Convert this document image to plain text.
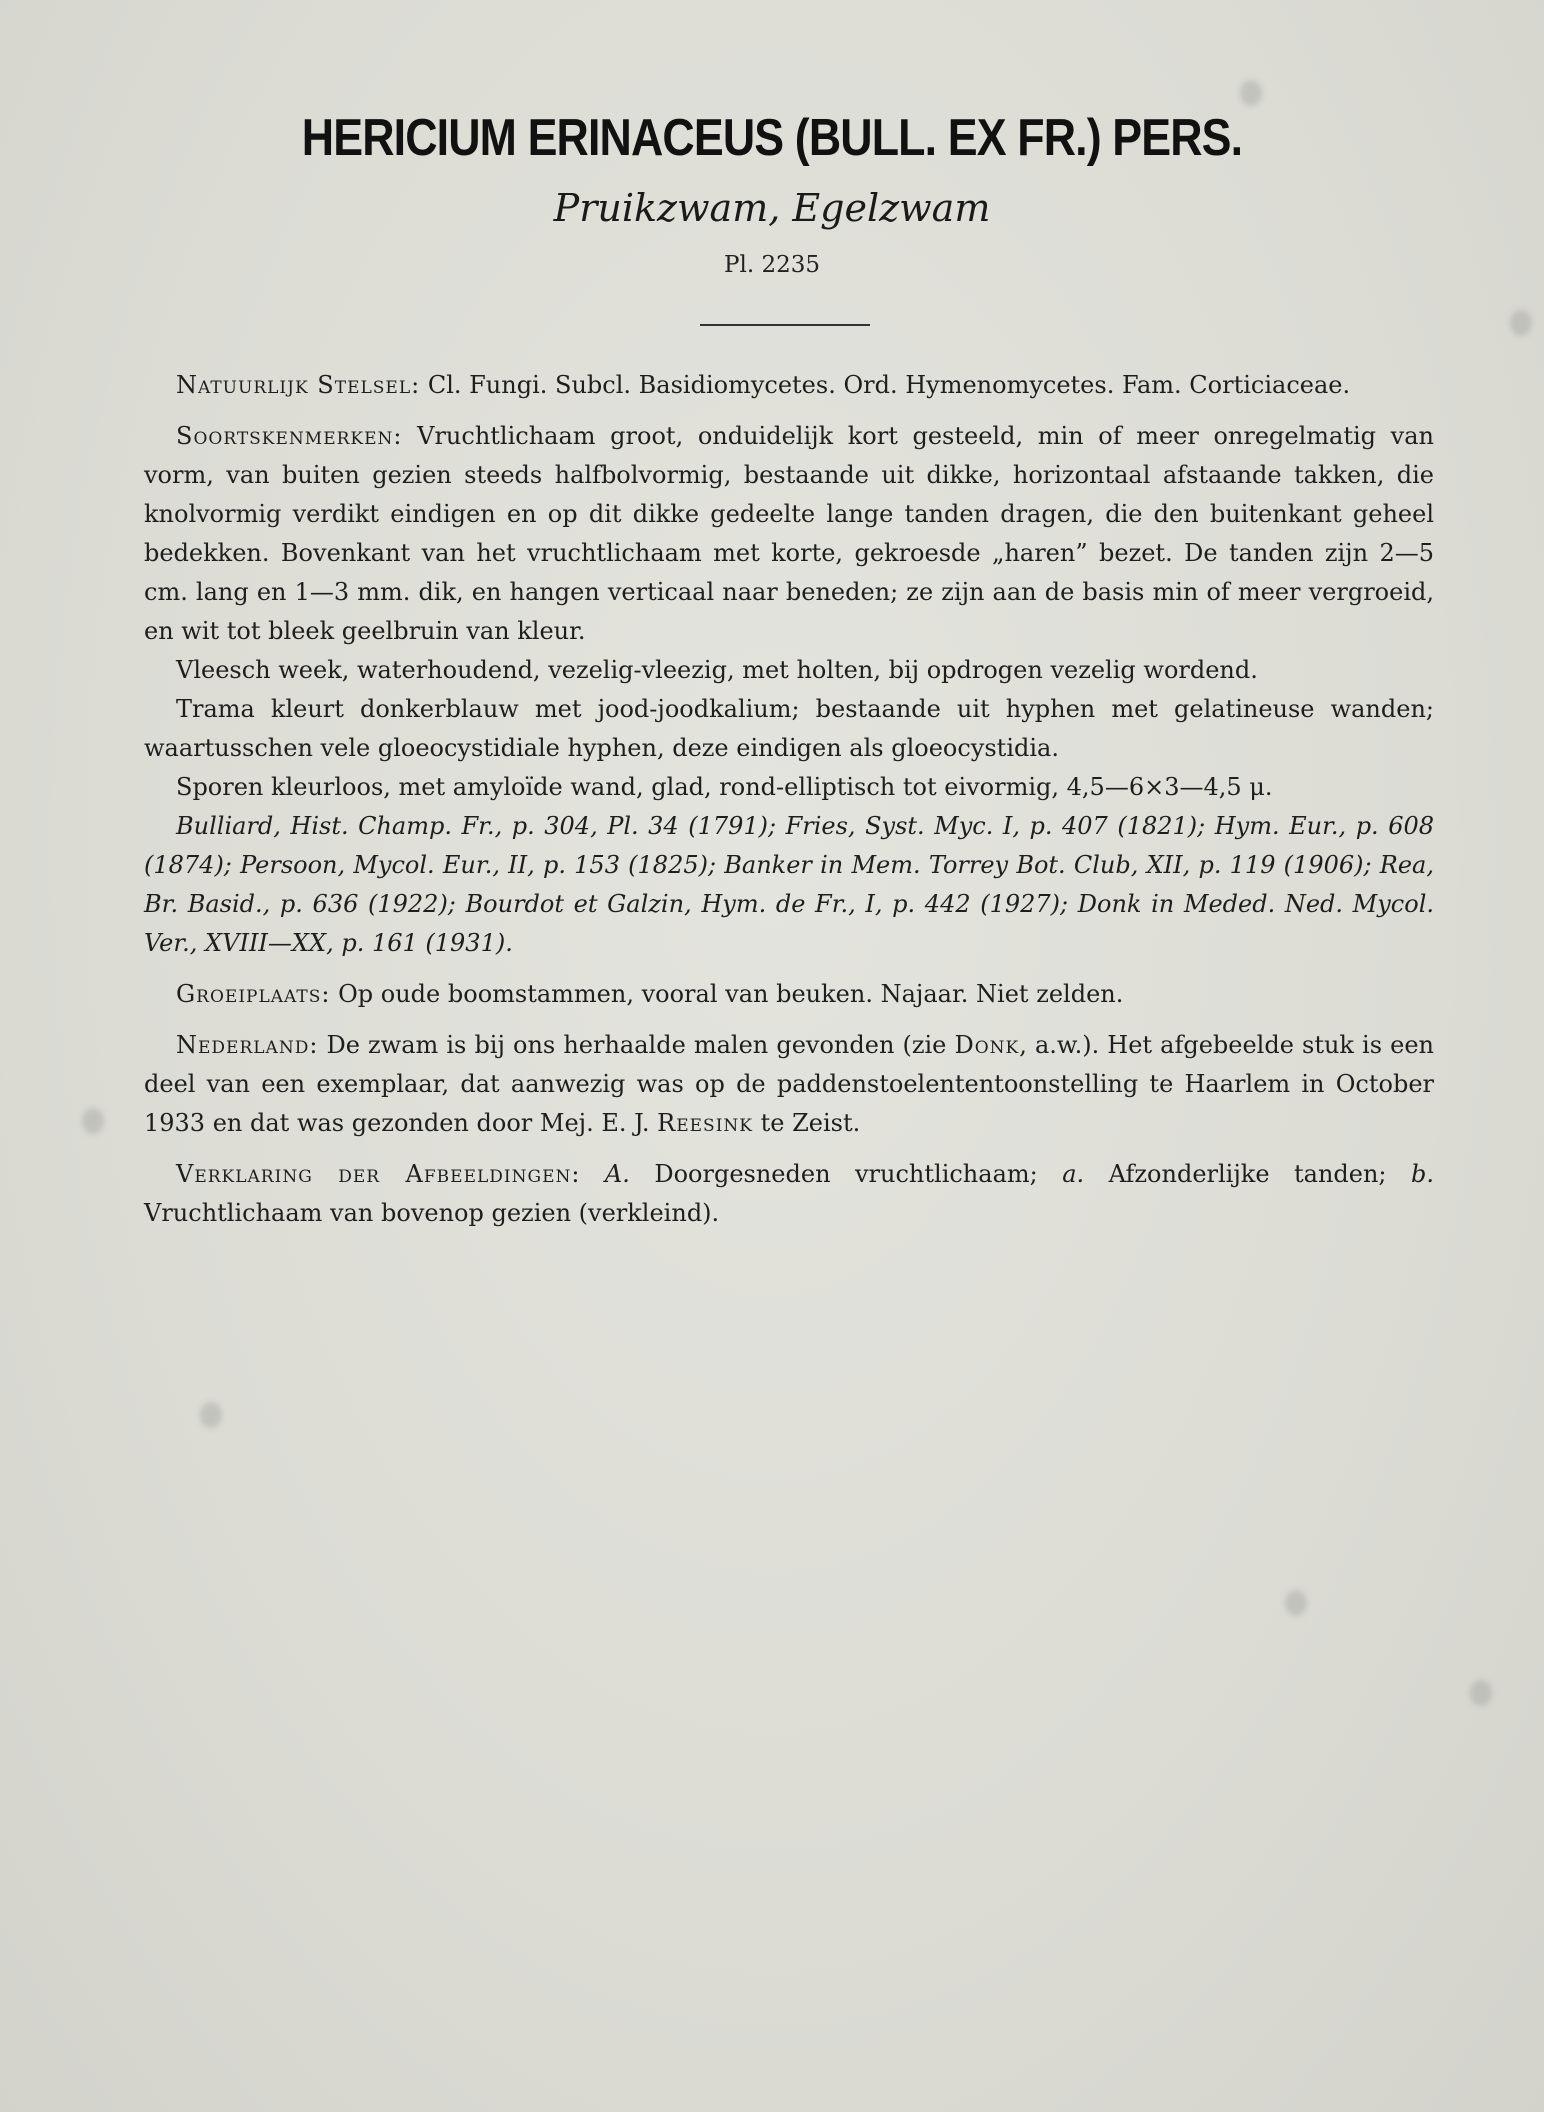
HERICIUM ERINACEUS (BULL. EX FR.) PERS.
Pruikzwam, Egelzwam
Pl. 2235

Natuurlijk Stelsel: Cl. Fungi. Subcl. Basidiomycetes. Ord. Hymenomycetes. Fam. Corticiaceae.

Soortskenmerken: Vruchtlichaam groot, onduidelijk kort gesteeld, min of meer onregelmatig van vorm, van buiten gezien steeds halfbolvormig, bestaande uit dikke, horizontaal afstaande takken, die knolvormig verdikt eindigen en op dit dikke gedeelte lange tanden dragen, die den buitenkant geheel bedekken. Bovenkant van het vruchtlichaam met korte, gekroesde „haren” bezet. De tanden zijn 2—5 cm. lang en 1—3 mm. dik, en hangen verticaal naar beneden; ze zijn aan de basis min of meer vergroeid, en wit tot bleek geelbruin van kleur.

Vleesch week, waterhoudend, vezelig-vleezig, met holten, bij opdrogen vezelig wordend.

Trama kleurt donkerblauw met jood-joodkalium; bestaande uit hyphen met gelatineuse wanden; waartusschen vele gloeocystidiale hyphen, deze eindigen als gloeocystidia.

Sporen kleurloos, met amyloïde wand, glad, rond-elliptisch tot eivormig, 4,5—6×3—4,5 μ.

Bulliard, Hist. Champ. Fr., p. 304, Pl. 34 (1791); Fries, Syst. Myc. I, p. 407 (1821); Hym. Eur., p. 608 (1874); Persoon, Mycol. Eur., II, p. 153 (1825); Banker in Mem. Torrey Bot. Club, XII, p. 119 (1906); Rea, Br. Basid., p. 636 (1922); Bourdot et Galzin, Hym. de Fr., I, p. 442 (1927); Donk in Meded. Ned. Mycol. Ver., XVIII—XX, p. 161 (1931).

Groeiplaats: Op oude boomstammen, vooral van beuken. Najaar. Niet zelden.

Nederland: De zwam is bij ons herhaalde malen gevonden (zie Donk, a.w.). Het afgebeelde stuk is een deel van een exemplaar, dat aanwezig was op de paddenstoelententoonstelling te Haarlem in October 1933 en dat was gezonden door Mej. E. J. Reesink te Zeist.

Verklaring der Afbeeldingen: A. Doorgesneden vruchtlichaam; a. Afzonderlijke tanden; b. Vruchtlichaam van bovenop gezien (verkleind).
